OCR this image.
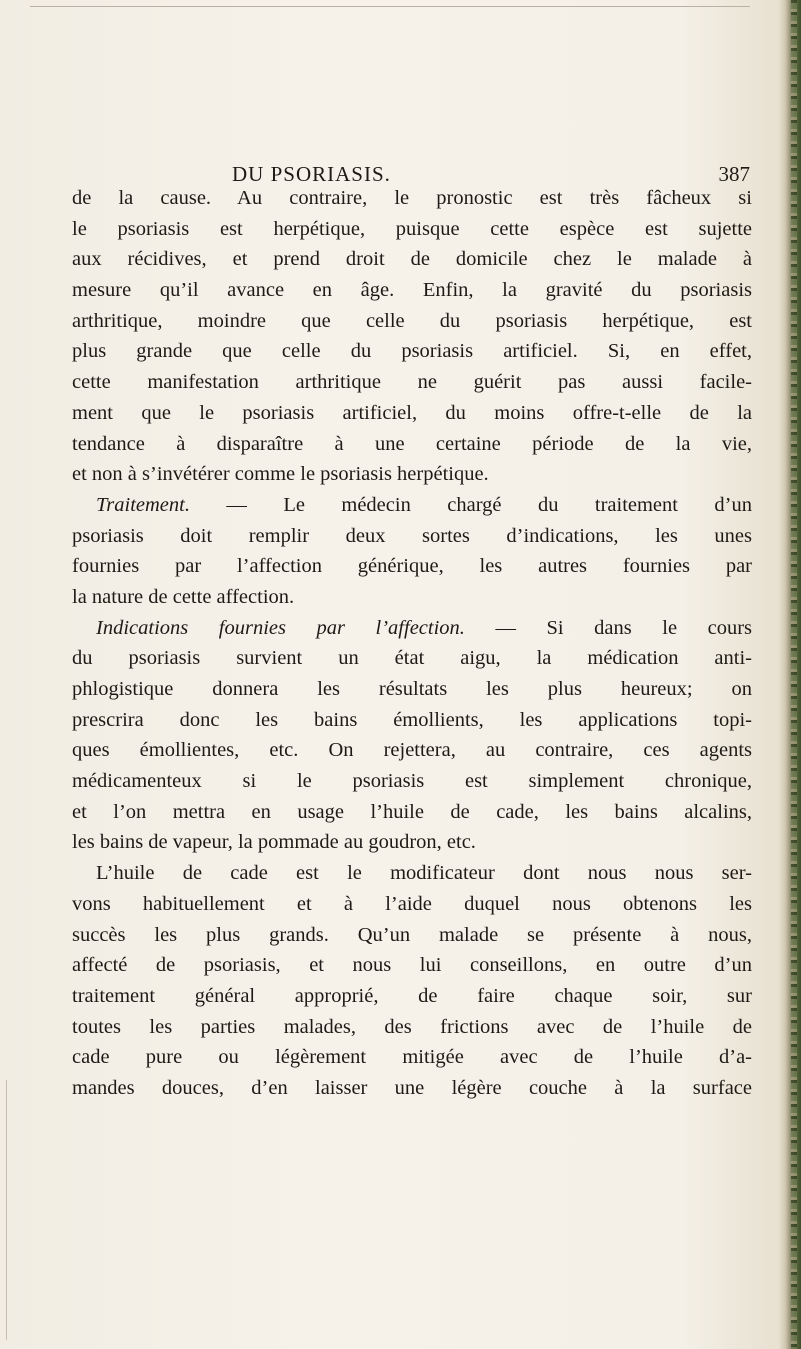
DU PSORIASIS.	387
de la cause. Au contraire, le pronostic est très fâcheux si
le psoriasis est herpétique, puisque cette espèce est sujette
aux récidives, et prend droit de domicile chez le malade à
mesure qu’il avance en âge. Enfin, la gravité du psoriasis
arthritique, moindre que celle du psoriasis herpétique, est
plus grande que celle du psoriasis artificiel. Si, en effet,
cette manifestation arthritique ne guérit pas aussi facile-
ment que le psoriasis artificiel, du moins offre-t-elle de la
tendance à disparaître à une certaine période de la vie,
et non à s’invétérer comme le psoriasis herpétique.
Traitement. — Le médecin chargé du traitement d’un
psoriasis doit remplir deux sortes d’indications, les unes
fournies par l’affection générique, les autres fournies par
la nature de cette affection.
Indications fournies par l’affection. — Si dans le cours
du psoriasis survient un état aigu, la médication anti-
phlogistique donnera les résultats les plus heureux; on
prescrira donc les bains émollients, les applications topi-
ques émollientes, etc. On rejettera, au contraire, ces agents
médicamenteux si le psoriasis est simplement chronique,
et l’on mettra en usage l’huile de cade, les bains alcalins,
les bains de vapeur, la pommade au goudron, etc.
L’huile de cade est le modificateur dont nous nous ser-
vons habituellement et à l’aide duquel nous obtenons les
succès les plus grands. Qu’un malade se présente à nous,
affecté de psoriasis, et nous lui conseillons, en outre d’un
traitement général approprié, de faire chaque soir, sur
toutes les parties malades, des frictions avec de l’huile de
cade pure ou légèrement mitigée avec de l’huile d’a-
mandes douces, d’en laisser une légère couche à la surface
